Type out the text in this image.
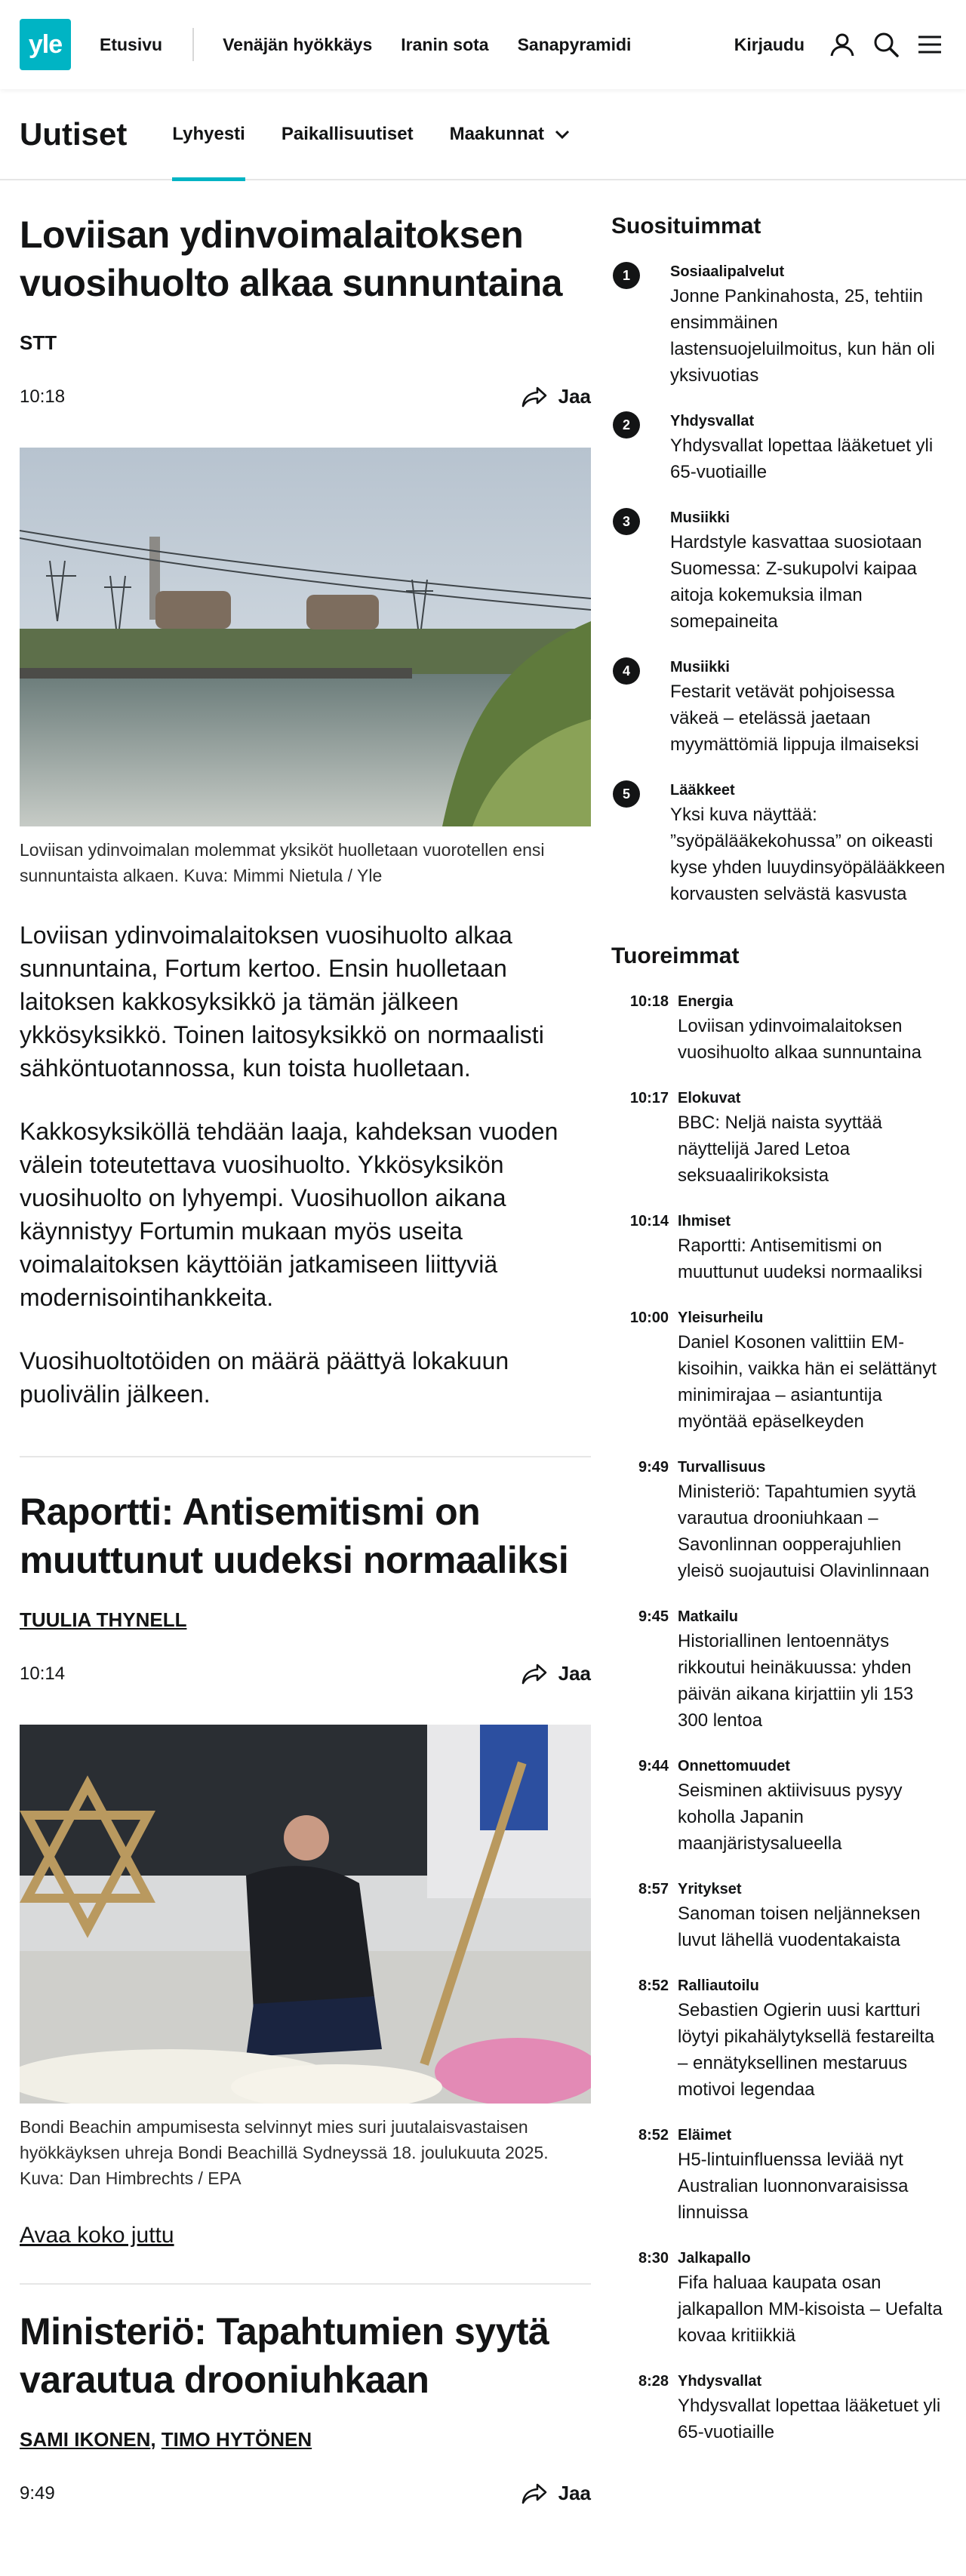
yle	Etusivu	Venäjän hyökkäys Iranin sota Sanapyramidi	Kirjaudu
Uutiset	Lyhyesti Paikallisuutiset Maakunnat
Loviisan ydinvoimalaitoksen vuosihuolto alkaa sunnuntaina
STT
10:18	Jaa

Loviisan ydinvoimalan molemmat yksiköt huolletaan vuorotellen ensi sunnuntaista alkaen. Kuva: Mimmi Nietula / Yle

Loviisan ydinvoimalaitoksen vuosihuolto alkaa sunnuntaina, Fortum kertoo. Ensin huolletaan laitoksen kakkosyksikkö ja tämän jälkeen ykkösyksikkö. Toinen laitosyksikkö on normaalisti sähköntuotannossa, kun toista huolletaan.

Kakkosyksiköllä tehdään laaja, kahdeksan vuoden välein toteutettava vuosihuolto. Ykkösyksikön vuosihuolto on lyhyempi. Vuosihuollon aikana käynnistyy Fortumin mukaan myös useita voimalaitoksen käyttöiän jatkamiseen liittyviä modernisointihankkeita.

Vuosihuoltotöiden on määrä päättyä lokakuun puolivälin jälkeen.

Raportti: Antisemitismi on muuttunut uudeksi normaaliksi
TUULIA THYNELL
10:14	Jaa

Bondi Beachin ampumisesta selvinnyt mies suri juutalaisvastaisen hyökkäyksen uhreja Bondi Beachillä Sydneyssä 18. joulukuuta 2025. Kuva: Dan Himbrechts / EPA

Avaa koko juttu
Ministeriö: Tapahtumien syytä varautua drooniuhkaan
SAMI IKONEN, TIMO HYTÖNEN
9:49	Jaa
Suosituimmat
1	Sosiaalipalvelut
Jonne Pankinahosta, 25, tehtiin ensimmäinen lastensuojeluilmoitus, kun hän oli yksivuotias
2	Yhdysvallat
Yhdysvallat lopettaa lääketuet yli 65-vuotiaille
3	Musiikki
Hardstyle kasvattaa suosiotaan Suomessa: Z-sukupolvi kaipaa aitoja kokemuksia ilman somepaineita
4	Musiikki
Festarit vetävät pohjoisessa väkeä – etelässä jaetaan myymättömiä lippuja ilmaiseksi
5	Lääkkeet
Yksi kuva näyttää: ”syöpälääkekohussa” on oikeasti kyse yhden luuydinsyöpälääkkeen korvausten selvästä kasvusta
Tuoreimmat
10:18 Energia
Loviisan ydinvoimalaitoksen vuosihuolto alkaa sunnuntaina
10:17 Elokuvat
BBC: Neljä naista syyttää näyttelijä Jared Letoa seksuaalirikoksista
10:14 Ihmiset
Raportti: Antisemitismi on muuttunut uudeksi normaaliksi
10:00 Yleisurheilu
Daniel Kosonen valittiin EM-kisoihin, vaikka hän ei selättänyt minimirajaa – asiantuntija myöntää epäselkeyden
9:49 Turvallisuus
Ministeriö: Tapahtumien syytä varautua drooniuhkaan – Savonlinnan oopperajuhlien yleisö suojautuisi Olavinlinnaan
9:45 Matkailu
Historiallinen lentoennätys rikkoutui heinäkuussa: yhden päivän aikana kirjattiin yli 153 300 lentoa
9:44 Onnettomuudet
Seisminen aktiivisuus pysyy koholla Japanin maanjäristysalueella
8:57 Yritykset
Sanoman toisen neljänneksen luvut lähellä vuodentakaista
8:52 Ralliautoilu
Sebastien Ogierin uusi kartturi löytyi pikahälytyksellä festareilta – ennätyksellinen mestaruus motivoi legendaa
8:52 Eläimet
H5-lintuinfluenssa leviää nyt Australian luonnonvaraisissa linnuissa
8:30 Jalkapallo
Fifa haluaa kaupata osan jalkapallon MM-kisoista – Uefalta kovaa kritiikkiä
8:28 Yhdysvallat
Yhdysvallat lopettaa lääketuet yli 65-vuotiaille
